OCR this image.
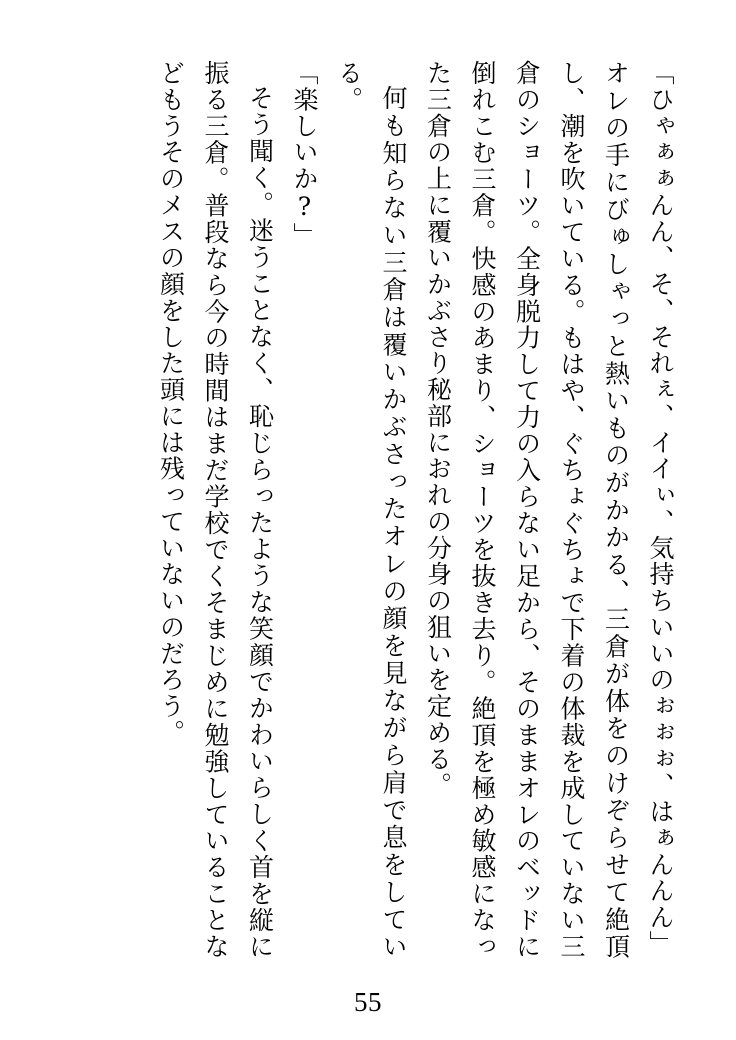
「ひゃぁぁんん、そ、それぇ、イイぃ、気持ちいいのぉぉぉ、はぁんんん」

オレの手にびゅしゃっと熱いものがかかる、三倉が体をのけぞらせて絶頂し、潮を吹いている。もはや、ぐちょぐちょで下着の体裁を成していない三倉のショーツ。全身脱力して力の入らない足から、そのままオレのベッドに倒れこむ三倉。快感のあまり、ショーツを抜き去り。絶頂を極め敏感になった三倉の上に覆いかぶさり秘部におれの分身の狙いを定める。

何も知らない三倉は覆いかぶさったオレの顔を見ながら肩で息をしている。

「楽しいか?」

そう聞く。迷うことなく、恥じらったような笑顔でかわいらしく首を縦に振る三倉。普段なら今の時間はまだ学校でくそまじめに勉強していることなどもうそのメスの顔をした頭には残っていないのだろう。

55
